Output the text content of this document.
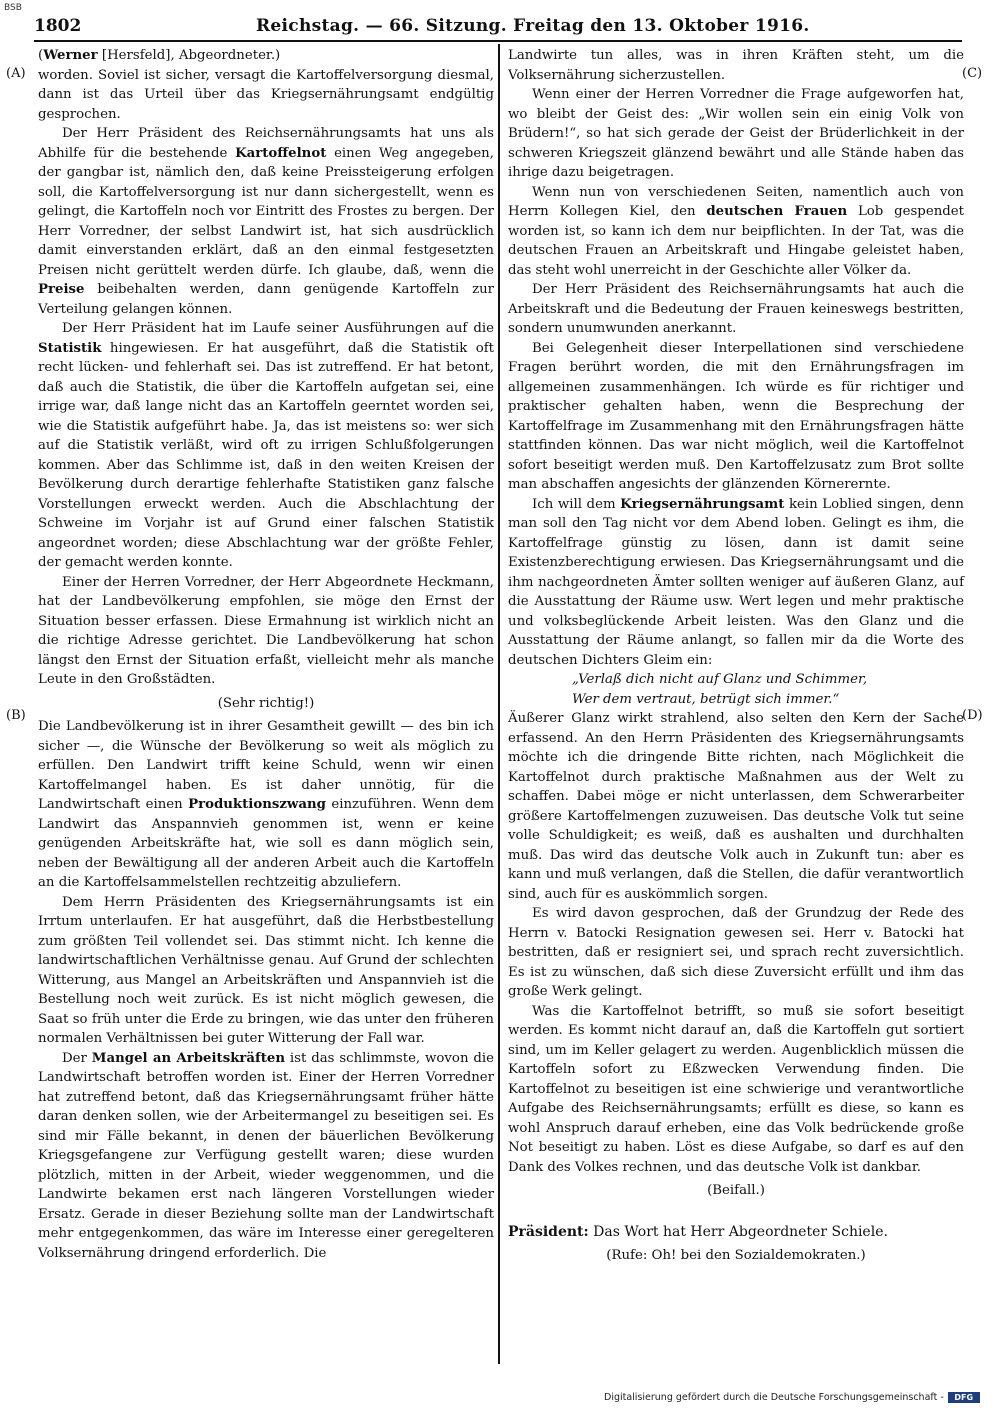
BSB
1802	Reichstag. — 66. Sitzung. Freitag den 13. Oktober 1916.
(A)
(B)
(C)
(D)

(Werner [Hersfeld], Abgeordneter.)

worden. Soviel ist sicher, versagt die Kartoffelversorgung diesmal, dann ist das Urteil über das Kriegsernährungsamt endgültig gesprochen.

Der Herr Präsident des Reichsernährungsamts hat uns als Abhilfe für die bestehende Kartoffelnot einen Weg angegeben, der gangbar ist, nämlich den, daß keine Preissteigerung erfolgen soll, die Kartoffelversorgung ist nur dann sichergestellt, wenn es gelingt, die Kartoffeln noch vor Eintritt des Frostes zu bergen. Der Herr Vorredner, der selbst Landwirt ist, hat sich ausdrücklich damit einverstanden erklärt, daß an den einmal festgesetzten Preisen nicht gerüttelt werden dürfe. Ich glaube, daß, wenn die Preise beibehalten werden, dann genügende Kartoffeln zur Verteilung gelangen können.

Der Herr Präsident hat im Laufe seiner Ausführungen auf die Statistik hingewiesen. Er hat ausgeführt, daß die Statistik oft recht lücken- und fehlerhaft sei. Das ist zutreffend. Er hat betont, daß auch die Statistik, die über die Kartoffeln aufgetan sei, eine irrige war, daß lange nicht das an Kartoffeln geerntet worden sei, wie die Statistik aufgeführt habe. Ja, das ist meistens so: wer sich auf die Statistik verläßt, wird oft zu irrigen Schlußfolgerungen kommen. Aber das Schlimme ist, daß in den weiten Kreisen der Bevölkerung durch derartige fehlerhafte Statistiken ganz falsche Vorstellungen erweckt werden. Auch die Abschlachtung der Schweine im Vorjahr ist auf Grund einer falschen Statistik angeordnet worden; diese Abschlachtung war der größte Fehler, der gemacht werden konnte.

Einer der Herren Vorredner, der Herr Abgeordnete Heckmann, hat der Landbevölkerung empfohlen, sie möge den Ernst der Situation besser erfassen. Diese Ermahnung ist wirklich nicht an die richtige Adresse gerichtet. Die Landbevölkerung hat schon längst den Ernst der Situation erfaßt, vielleicht mehr als manche Leute in den Großstädten.

(Sehr richtig!)

Die Landbevölkerung ist in ihrer Gesamtheit gewillt — des bin ich sicher —, die Wünsche der Bevölkerung so weit als möglich zu erfüllen. Den Landwirt trifft keine Schuld, wenn wir einen Kartoffelmangel haben. Es ist daher unnötig, für die Landwirtschaft einen Produktionszwang einzuführen. Wenn dem Landwirt das Anspannvieh genommen ist, wenn er keine genügenden Arbeitskräfte hat, wie soll es dann möglich sein, neben der Bewältigung all der anderen Arbeit auch die Kartoffeln an die Kartoffelsammelstellen rechtzeitig abzuliefern.

Dem Herrn Präsidenten des Kriegsernährungsamts ist ein Irrtum unterlaufen. Er hat ausgeführt, daß die Herbstbestellung zum größten Teil vollendet sei. Das stimmt nicht. Ich kenne die landwirtschaftlichen Verhältnisse genau. Auf Grund der schlechten Witterung, aus Mangel an Arbeitskräften und Anspannvieh ist die Bestellung noch weit zurück. Es ist nicht möglich gewesen, die Saat so früh unter die Erde zu bringen, wie das unter den früheren normalen Verhältnissen bei guter Witterung der Fall war.

Der Mangel an Arbeitskräften ist das schlimmste, wovon die Landwirtschaft betroffen worden ist. Einer der Herren Vorredner hat zutreffend betont, daß das Kriegsernährungsamt früher hätte daran denken sollen, wie der Arbeitermangel zu beseitigen sei. Es sind mir Fälle bekannt, in denen der bäuerlichen Bevölkerung Kriegsgefangene zur Verfügung gestellt waren; diese wurden plötzlich, mitten in der Arbeit, wieder weggenommen, und die Landwirte bekamen erst nach längeren Vorstellungen wieder Ersatz. Gerade in dieser Beziehung sollte man der Landwirtschaft mehr entgegenkommen, das wäre im Interesse einer geregelteren Volksernährung dringend erforderlich. Die

Landwirte tun alles, was in ihren Kräften steht, um die Volksernährung sicherzustellen.

Wenn einer der Herren Vorredner die Frage aufgeworfen hat, wo bleibt der Geist des: „Wir wollen sein ein einig Volk von Brüdern!“, so hat sich gerade der Geist der Brüderlichkeit in der schweren Kriegszeit glänzend bewährt und alle Stände haben das ihrige dazu beigetragen.

Wenn nun von verschiedenen Seiten, namentlich auch von Herrn Kollegen Kiel, den deutschen Frauen Lob gespendet worden ist, so kann ich dem nur beipflichten. In der Tat, was die deutschen Frauen an Arbeitskraft und Hingabe geleistet haben, das steht wohl unerreicht in der Geschichte aller Völker da.

Der Herr Präsident des Reichsernährungsamts hat auch die Arbeitskraft und die Bedeutung der Frauen keineswegs bestritten, sondern unumwunden anerkannt.

Bei Gelegenheit dieser Interpellationen sind verschiedene Fragen berührt worden, die mit den Ernährungsfragen im allgemeinen zusammenhängen. Ich würde es für richtiger und praktischer gehalten haben, wenn die Besprechung der Kartoffelfrage im Zusammenhang mit den Ernährungsfragen hätte stattfinden können. Das war nicht möglich, weil die Kartoffelnot sofort beseitigt werden muß. Den Kartoffelzusatz zum Brot sollte man abschaffen angesichts der glänzenden Körnerernte.

Ich will dem Kriegsernährungsamt kein Loblied singen, denn man soll den Tag nicht vor dem Abend loben. Gelingt es ihm, die Kartoffelfrage günstig zu lösen, dann ist damit seine Existenzberechtigung erwiesen. Das Kriegsernährungsamt und die ihm nachgeordneten Ämter sollten weniger auf äußeren Glanz, auf die Ausstattung der Räume usw. Wert legen und mehr praktische und volksbeglückende Arbeit leisten. Was den Glanz und die Ausstattung der Räume anlangt, so fallen mir da die Worte des deutschen Dichters Gleim ein:

„Verlaß dich nicht auf Glanz und Schimmer,

Wer dem vertraut, betrügt sich immer.“

Äußerer Glanz wirkt strahlend, also selten den Kern der Sache erfassend. An den Herrn Präsidenten des Kriegsernährungsamts möchte ich die dringende Bitte richten, nach Möglichkeit die Kartoffelnot durch praktische Maßnahmen aus der Welt zu schaffen. Dabei möge er nicht unterlassen, dem Schwerarbeiter größere Kartoffelmengen zuzuweisen. Das deutsche Volk tut seine volle Schuldigkeit; es weiß, daß es aushalten und durchhalten muß. Das wird das deutsche Volk auch in Zukunft tun: aber es kann und muß verlangen, daß die Stellen, die dafür verantwortlich sind, auch für es auskömmlich sorgen.

Es wird davon gesprochen, daß der Grundzug der Rede des Herrn v. Batocki Resignation gewesen sei. Herr v. Batocki hat bestritten, daß er resigniert sei, und sprach recht zuversichtlich. Es ist zu wünschen, daß sich diese Zuversicht erfüllt und ihm das große Werk gelingt.

Was die Kartoffelnot betrifft, so muß sie sofort beseitigt werden. Es kommt nicht darauf an, daß die Kartoffeln gut sortiert sind, um im Keller gelagert zu werden. Augenblicklich müssen die Kartoffeln sofort zu Eßzwecken Verwendung finden. Die Kartoffelnot zu beseitigen ist eine schwierige und verantwortliche Aufgabe des Reichsernährungsamts; erfüllt es diese, so kann es wohl Anspruch darauf erheben, eine das Volk bedrückende große Not beseitigt zu haben. Löst es diese Aufgabe, so darf es auf den Dank des Volkes rechnen, und das deutsche Volk ist dankbar.

(Beifall.)

Präsident: Das Wort hat Herr Abgeordneter Schiele.

(Rufe: Oh! bei den Sozialdemokraten.)

Digitalisierung gefördert durch die Deutsche Forschungsgemeinschaft - DFG
